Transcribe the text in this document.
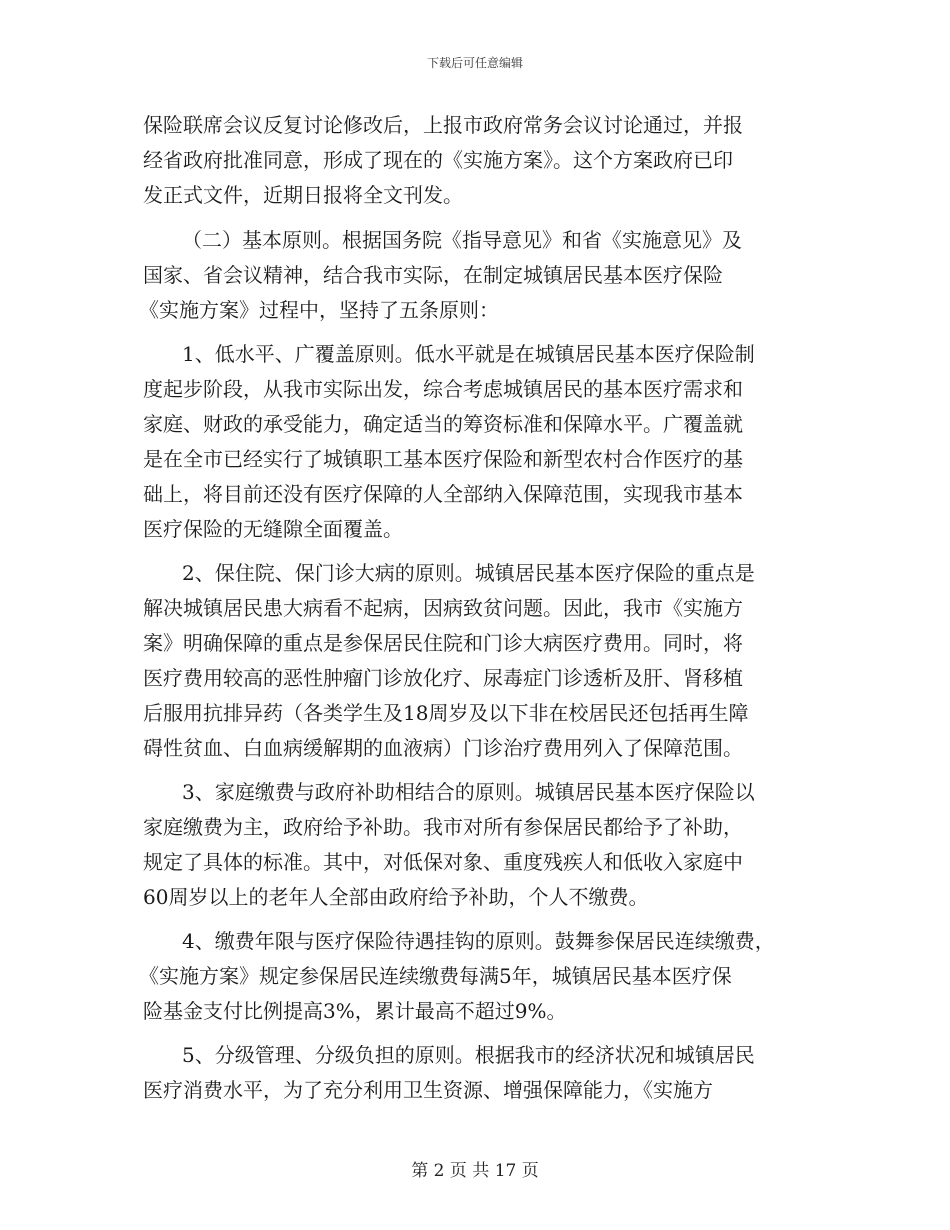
下载后可任意编辑
保险联席会议反复讨论修改后，上报市政府常务会议讨论通过，并报
经省政府批准同意，形成了现在的《实施方案》。这个方案政府已印
发正式文件，近期日报将全文刊发。
（二）基本原则。根据国务院《指导意见》和省《实施意见》及
国家、省会议精神，结合我市实际，在制定城镇居民基本医疗保险
《实施方案》过程中，坚持了五条原则：
1、低水平、广覆盖原则。低水平就是在城镇居民基本医疗保险制
度起步阶段，从我市实际出发，综合考虑城镇居民的基本医疗需求和
家庭、财政的承受能力，确定适当的筹资标准和保障水平。广覆盖就
是在全市已经实行了城镇职工基本医疗保险和新型农村合作医疗的基
础上，将目前还没有医疗保障的人全部纳入保障范围，实现我市基本
医疗保险的无缝隙全面覆盖。
2、保住院、保门诊大病的原则。城镇居民基本医疗保险的重点是
解决城镇居民患大病看不起病，因病致贫问题。因此，我市《实施方
案》明确保障的重点是参保居民住院和门诊大病医疗费用。同时，将
医疗费用较高的恶性肿瘤门诊放化疗、尿毒症门诊透析及肝、肾移植
后服用抗排异药（各类学生及18周岁及以下非在校居民还包括再生障
碍性贫血、白血病缓解期的血液病）门诊治疗费用列入了保障范围。
3、家庭缴费与政府补助相结合的原则。城镇居民基本医疗保险以
家庭缴费为主，政府给予补助。我市对所有参保居民都给予了补助，
规定了具体的标准。其中，对低保对象、重度残疾人和低收入家庭中
60周岁以上的老年人全部由政府给予补助，个人不缴费。
4、缴费年限与医疗保险待遇挂钩的原则。鼓舞参保居民连续缴费，
《实施方案》规定参保居民连续缴费每满5年，城镇居民基本医疗保
险基金支付比例提高3%，累计最高不超过9%。
5、分级管理、分级负担的原则。根据我市的经济状况和城镇居民
医疗消费水平，为了充分利用卫生资源、增强保障能力，《实施方
第 2 页 共 17 页
